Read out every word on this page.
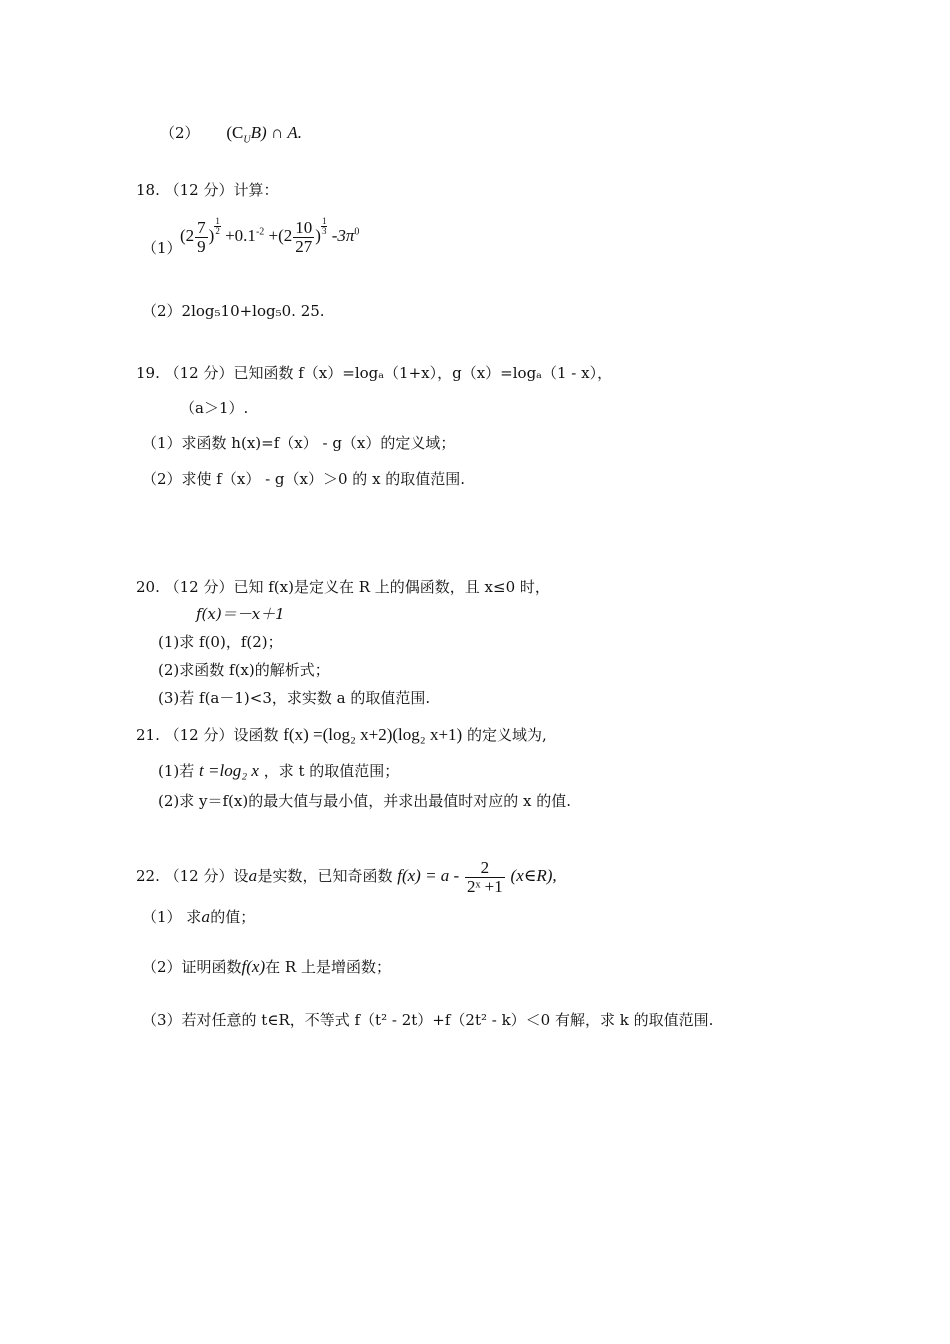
（2） $(C_UB)$ ∩ A.
18. （12 分）计算：
（1）
($2 \frac{7}{9}$ ) $\frac{1}{2} +0.1^{-2} +(2 \frac{10}{27}$ ) $\frac{1}{3} -3\pi^0$
（2）2log₅10+log₅0. 25.
19. （12 分）已知函数 f（x）=logₐ（1+x），g（x）=logₐ（1 - x），
（a＞1）.
（1）求函数 h(x)=f（x） - g（x）的定义域；
（2）求使 f（x） - g（x）＞0 的 x 的取值范围.
20. （12 分）已知 f(x)是定义在 R 上的偶函数，且 x≤0 时，
f(x)＝－x＋1
(1)求 f(0)，f(2)；
(2)求函数 f(x)的解析式；
(3)若 f(a－1)<3，求实数 a 的取值范围.
21. （12 分）设函数 f(x) =(log₂ x+2)(log₂ x+1) 的定义域为,
(1)若 t =log₂ x ，求 t 的取值范围；
(2)求 y＝f(x)的最大值与最小值，并求出最值时对应的 x 的值.
22. （12 分）设a是实数，已知奇函数 $f(x) = a - \frac{2}{\text{2ˣ +1}}$ (x∈R),
（1） 求a的值；
（2）证明函数f(x)在 R 上是增函数；
（3）若对任意的 t∈R，不等式 f（t² - 2t）+f（2t² - k）＜0 有解，求 k 的取值范围.
